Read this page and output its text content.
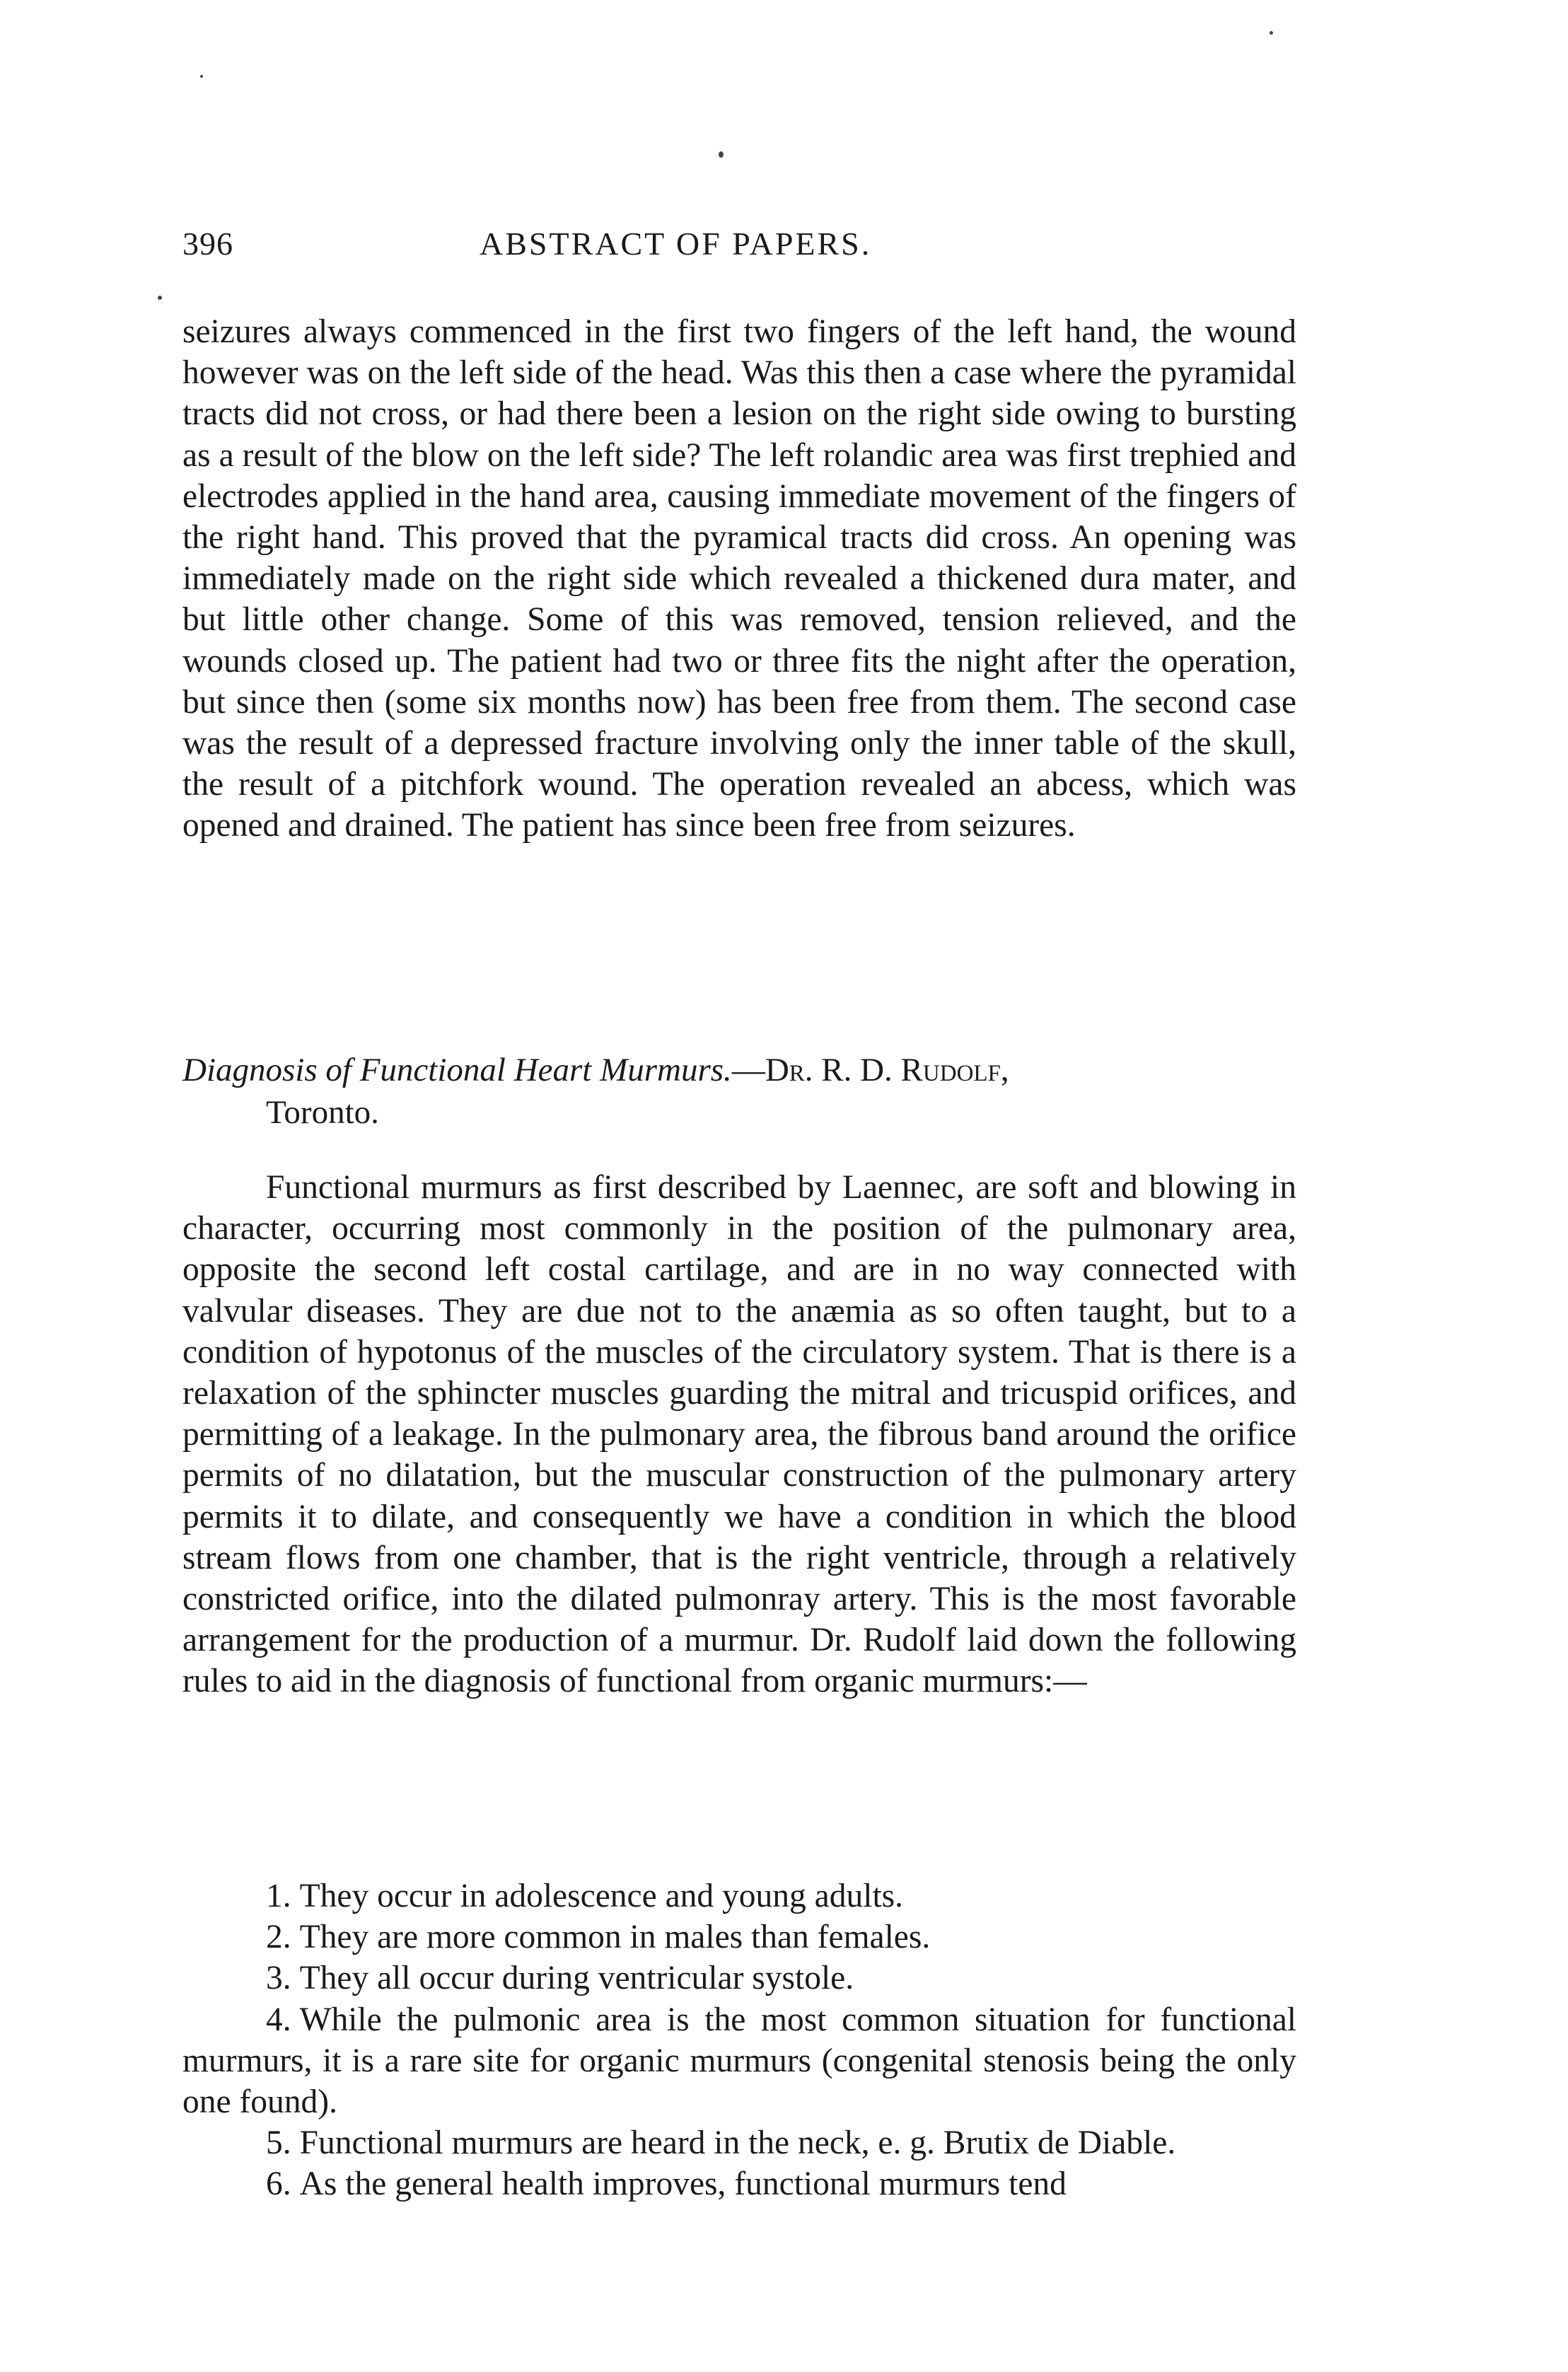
396	ABSTRACT OF PAPERS.

seizures always commenced in the first two fingers of the left hand, the wound however was on the left side of the head. Was this then a case where the pyramidal tracts did not cross, or had there been a lesion on the right side owing to bursting as a result of the blow on the left side? The left rolandic area was first trephied and electrodes applied in the hand area, causing immediate movement of the fingers of the right hand. This proved that the pyramical tracts did cross. An opening was immediately made on the right side which revealed a thickened dura mater, and but little other change. Some of this was removed, tension relieved, and the wounds closed up. The patient had two or three fits the night after the operation, but since then (some six months now) has been free from them. The second case was the result of a depressed fracture involving only the inner table of the skull, the result of a pitchfork wound. The operation revealed an abcess, which was opened and drained. The patient has since been free from seizures.

Diagnosis of Functional Heart Murmurs.—Dr. R. D. Rudolf,
Toronto.

Functional murmurs as first described by Laennec, are soft and blowing in character, occurring most commonly in the position of the pulmonary area, opposite the second left costal cartilage, and are in no way connected with valvular diseases. They are due not to the anæmia as so often taught, but to a condition of hypotonus of the muscles of the circulatory system. That is there is a relaxation of the sphincter muscles guarding the mitral and tricuspid orifices, and permitting of a leakage. In the pulmonary area, the fibrous band around the orifice permits of no dilatation, but the muscular construction of the pulmonary artery permits it to dilate, and consequently we have a condition in which the blood stream flows from one chamber, that is the right ventricle, through a relatively constricted orifice, into the dilated pulmonray artery. This is the most favorable arrangement for the production of a murmur. Dr. Rudolf laid down the following rules to aid in the diagnosis of functional from organic murmurs:—

1. They occur in adolescence and young adults.
2. They are more common in males than females.
3. They all occur during ventricular systole.
4. While the pulmonic area is the most common situation for functional murmurs, it is a rare site for organic murmurs (congenital stenosis being the only one found).
5. Functional murmurs are heard in the neck, e. g. Brutix de Diable.
6. As the general health improves, functional murmurs tend
